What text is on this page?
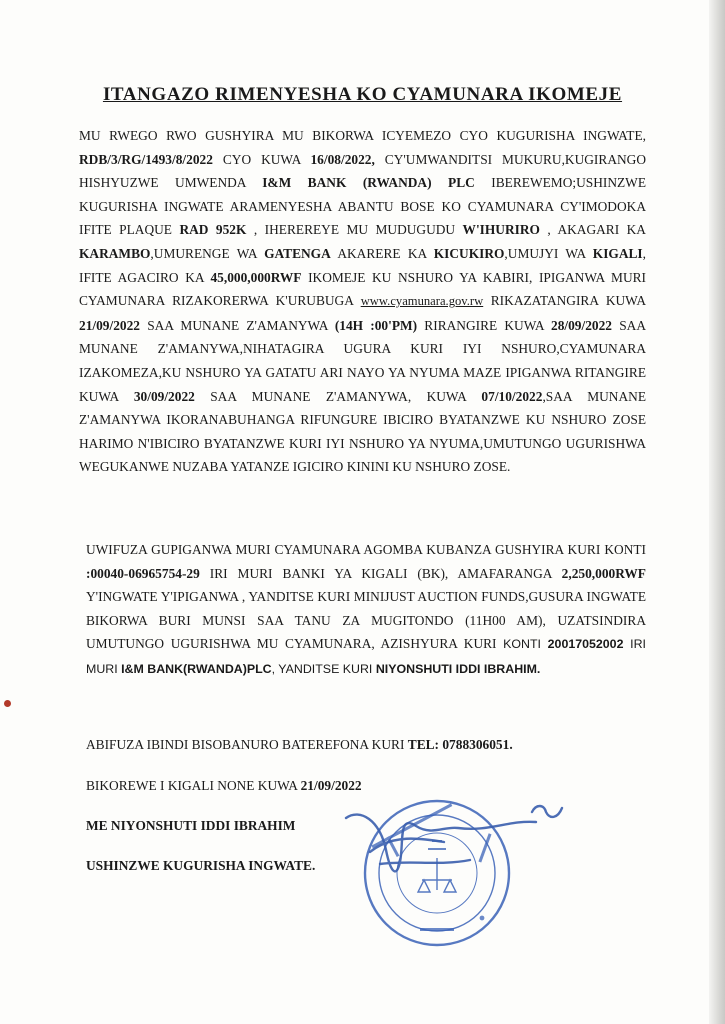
ITANGAZO RIMENYESHA KO CYAMUNARA IKOMEJE

MU RWEGO RWO GUSHYIRA MU BIKORWA ICYEMEZO CYO KUGURISHA INGWATE, RDB/3/RG/1493/8/2022 CYO KUWA 16/08/2022, CY'UMWANDITSI MUKURU,KUGIRANGO HISHYUZWE UMWENDA I&M BANK (RWANDA) PLC IBEREWEMO;USHINZWE KUGURISHA INGWATE ARAMENYESHA ABANTU BOSE KO CYAMUNARA CY'IMODOKA IFITE PLAQUE RAD 952K , IHEREREYE MU MUDUGUDU W'IHURIRO , AKAGARI KA KARAMBO,UMURENGE WA GATENGA AKARERE KA KICUKIRO,UMUJYI WA KIGALI, IFITE AGACIRO KA 45,000,000RWF IKOMEJE KU NSHURO YA KABIRI, IPIGANWA MURI CYAMUNARA RIZAKORERWA K'URUBUGA www.cyamunara.gov.rw RIKAZATANGIRA KUWA 21/09/2022 SAA MUNANE Z'AMANYWA (14H :00'PM) RIRANGIRE KUWA 28/09/2022 SAA MUNANE Z'AMANYWA,NIHATAGIRA UGURA KURI IYI NSHURO,CYAMUNARA IZAKOMEZA,KU NSHURO YA GATATU ARI NAYO YA NYUMA MAZE IPIGANWA RITANGIRE KUWA 30/09/2022 SAA MUNANE Z'AMANYWA, KUWA 07/10/2022,SAA MUNANE Z'AMANYWA IKORANABUHANGA RIFUNGURE IBICIRO BYATANZWE KU NSHURO ZOSE HARIMO N'IBICIRO BYATANZWE KURI IYI NSHURO YA NYUMA,UMUTUNGO UGURISHWA WEGUKANWE NUZABA YATANZE IGICIRO KININI KU NSHURO ZOSE.

UWIFUZA GUPIGANWA MURI CYAMUNARA AGOMBA KUBANZA GUSHYIRA KURI KONTI :00040-06965754-29 IRI MURI BANKI YA KIGALI (BK), AMAFARANGA 2,250,000RWF Y'INGWATE Y'IPIGANWA , YANDITSE KURI MINIJUST AUCTION FUNDS,GUSURA INGWATE BIKORWA BURI MUNSI SAA TANU ZA MUGITONDO (11H00 AM), UZATSINDIRA UMUTUNGO UGURISHWA MU CYAMUNARA, AZISHYURA KURI KONTI 20017052002 IRI MURI I&M BANK(RWANDA)PLC, YANDITSE KURI NIYONSHUTI IDDI IBRAHIM.
ABIFUZA IBINDI BISOBANURO BATEREFONA KURI TEL: 0788306051.
BIKOREWE I KIGALI NONE KUWA 21/09/2022
ME NIYONSHUTI IDDI IBRAHIM
USHINZWE KUGURISHA INGWATE.
